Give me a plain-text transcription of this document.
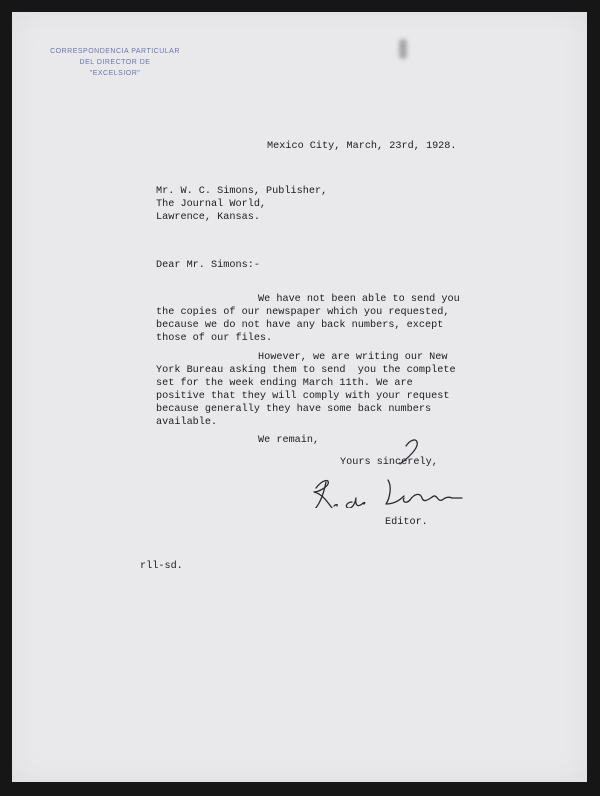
CORRESPONDENCIA PARTICULAR
DEL DIRECTOR DE
"EXCELSIOR"
Mexico City, March, 23rd, 1928.
Mr. W. C. Simons, Publisher,
The Journal World,
Lawrence, Kansas.
Dear Mr. Simons:-
We have not been able to send you
the copies of our newspaper which you requested,
because we do not have any back numbers, except
those of our files.
However, we are writing our New
York Bureau asking them to send  you the complete
set for the week ending March 11th. We are
positive that they will comply with your request
because generally they have some back numbers
available.
We remain,
Yours sincerely,
Editor.
rll-sd.
